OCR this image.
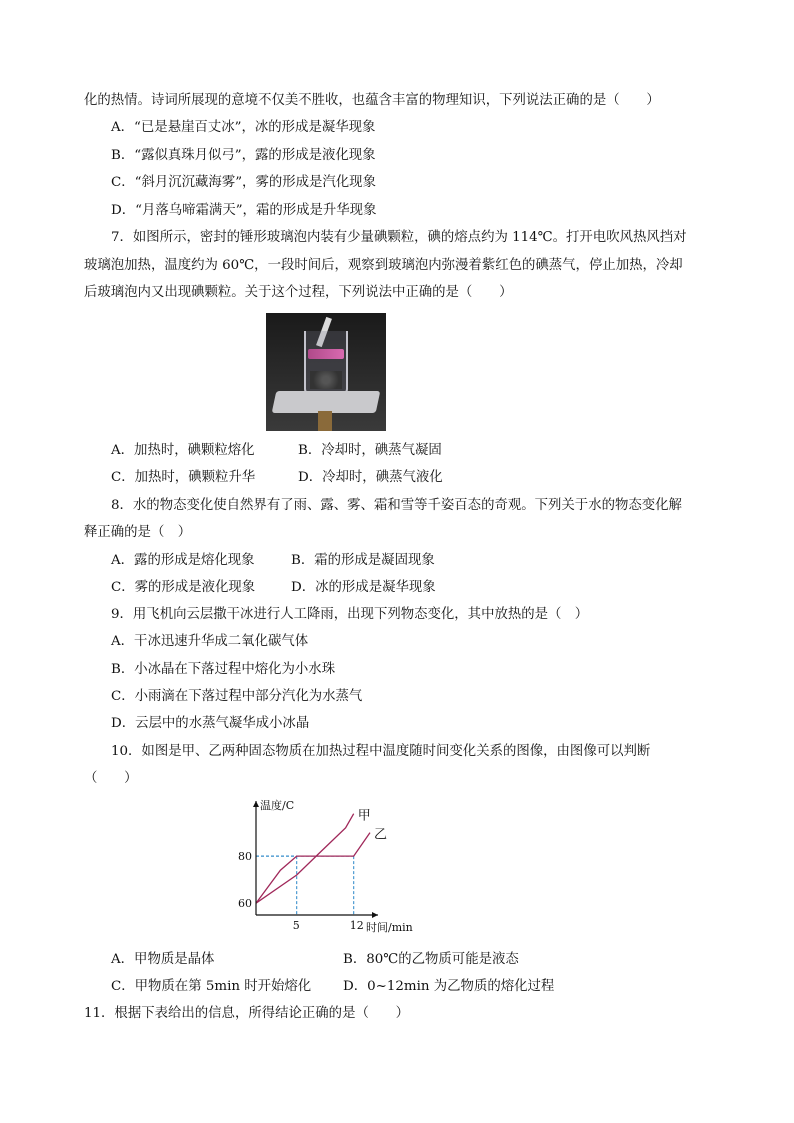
化的热情。诗词所展现的意境不仅美不胜收，也蕴含丰富的物理知识，下列说法正确的是（　　）
A．“已是悬崖百丈冰”，冰的形成是凝华现象
B．“露似真珠月似弓”，露的形成是液化现象
C．“斜月沉沉藏海雾”，雾的形成是汽化现象
D．“月落乌啼霜满天”，霜的形成是升华现象
7．如图所示，密封的锤形玻璃泡内装有少量碘颗粒，碘的熔点约为 114℃。打开电吹风热风挡对
玻璃泡加热，温度约为 60℃，一段时间后，观察到玻璃泡内弥漫着紫红色的碘蒸气，停止加热，冷却
后玻璃泡内又出现碘颗粒。关于这个过程，下列说法中正确的是（　　）
A．加热时，碘颗粒熔化	B．冷却时，碘蒸气凝固
C．加热时，碘颗粒升华	D．冷却时，碘蒸气液化
8．水的物态变化使自然界有了雨、露、雾、霜和雪等千姿百态的奇观。下列关于水的物态变化解
释正确的是（　）
A．露的形成是熔化现象	B．霜的形成是凝固现象
C．雾的形成是液化现象	D．冰的形成是凝华现象
9．用飞机向云层撒干冰进行人工降雨，出现下列物态变化，其中放热的是（　）
A．干冰迅速升华成二氧化碳气体
B．小冰晶在下落过程中熔化为小水珠
C．小雨滴在下落过程中部分汽化为水蒸气
D．云层中的水蒸气凝华成小冰晶
10．如图是甲、乙两种固态物质在加热过程中温度随时间变化关系的图像，由图像可以判断
（　　）
甲
乙
温度/C
时间/min
80
60
5	12
A．甲物质是晶体	B．80℃的乙物质可能是液态
C．甲物质在第 5min 时开始熔化 D．0~12min 为乙物质的熔化过程
11．根据下表给出的信息，所得结论正确的是（　　）
